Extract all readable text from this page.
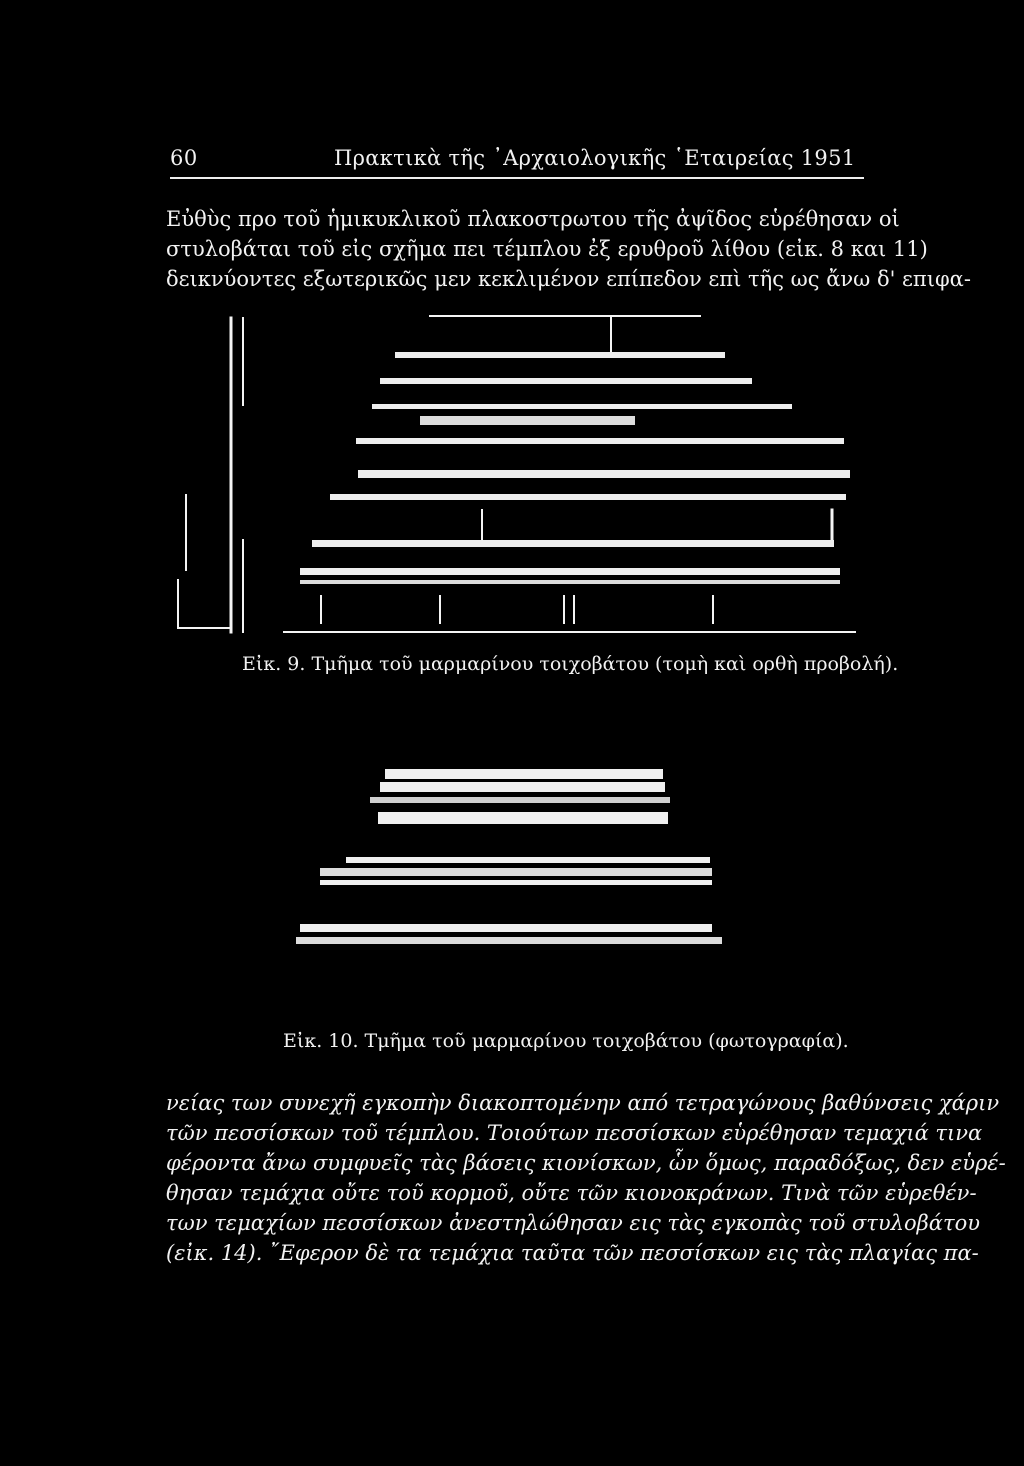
60	Πρακτικὰ τῆς ᾿Αρχαιολογικῆς ῾Εταιρείας 1951
Εὐθὺς προ τοῦ ἡμικυκλικοῦ πλακοστρωτου τῆς ἀψῖδος εὑρέθησαν οἱ
στυλοβάται τοῦ εἰς σχῆμα πει τέμπλου ἐξ ερυθροῦ λίθου (εἰκ. 8 και 11)
δεικνύοντες εξωτερικῶς μεν κεκλιμένον επίπεδον επὶ τῆς ως ἄνω δ' επιφα-
Εἰκ. 9. Τμῆμα τοῦ μαρμαρίνου τοιχοβάτου (τομὴ καὶ ορθὴ προβολή).
Εἰκ. 10. Τμῆμα τοῦ μαρμαρίνου τοιχοβάτου (φωτογραφία).
νείας των συνεχῆ εγκοπὴν διακοπτομένην από τετραγώνους βαθύνσεις χάριν
τῶν πεσσίσκων τοῦ τέμπλου. Τοιούτων πεσσίσκων εὑρέθησαν τεμαχιά τινα
φέροντα ἄνω συμφυεῖς τὰς βάσεις κιονίσκων, ὧν ὅμως, παραδόξως, δεν εὑρέ-
θησαν τεμάχια οὔτε τοῦ κορμοῦ, οὔτε τῶν κιονοκράνων. Τινὰ τῶν εὑρεθέν-
των τεμαχίων πεσσίσκων ἀνεστηλώθησαν εις τὰς εγκοπὰς τοῦ στυλοβάτου
(εἰκ. 14). ῎Εφερον δὲ τα τεμάχια ταῦτα τῶν πεσσίσκων εις τὰς πλαγίας πα-
